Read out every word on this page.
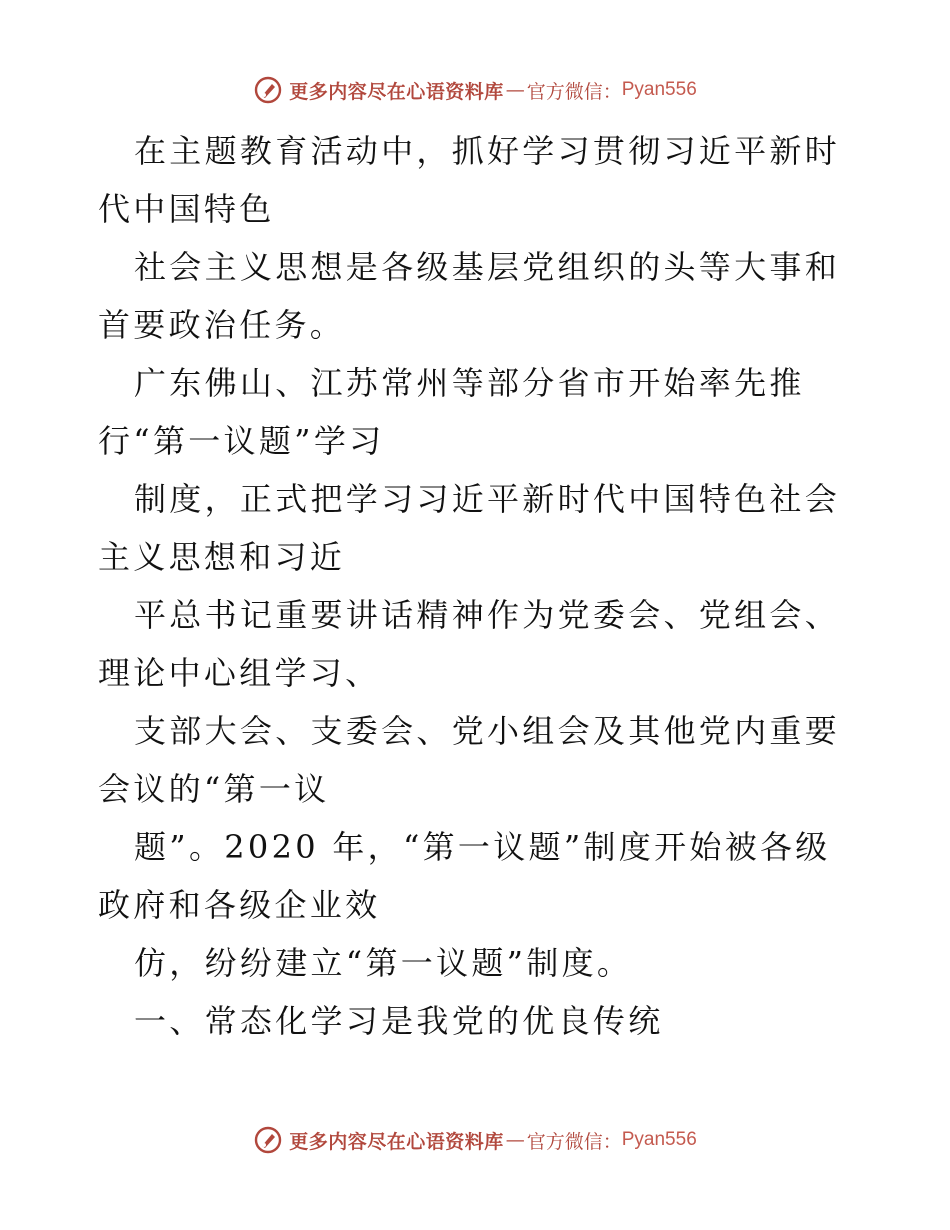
更多内容尽在心语资料库 — 官方微信： Pyan556

在主题教育活动中，抓好学习贯彻习近平新时代中国特色

社会主义思想是各级基层党组织的头等大事和首要政治任务。

广东佛山、江苏常州等部分省市开始率先推 行“第一议题”学习

制度，正式把学习习近平新时代中国特色社会主义思想和习近

平总书记重要讲话精神作为党委会、党组会、理论中心组学习、

支部大会、支委会、党小组会及其他党内重要会议的“第一议

题”。2020 年，“第一议题”制度开始被各级政府和各级企业效

仿，纷纷建立“第一议题”制度。

一、常态化学习是我党的优良传统

更多内容尽在心语资料库 — 官方微信： Pyan556
